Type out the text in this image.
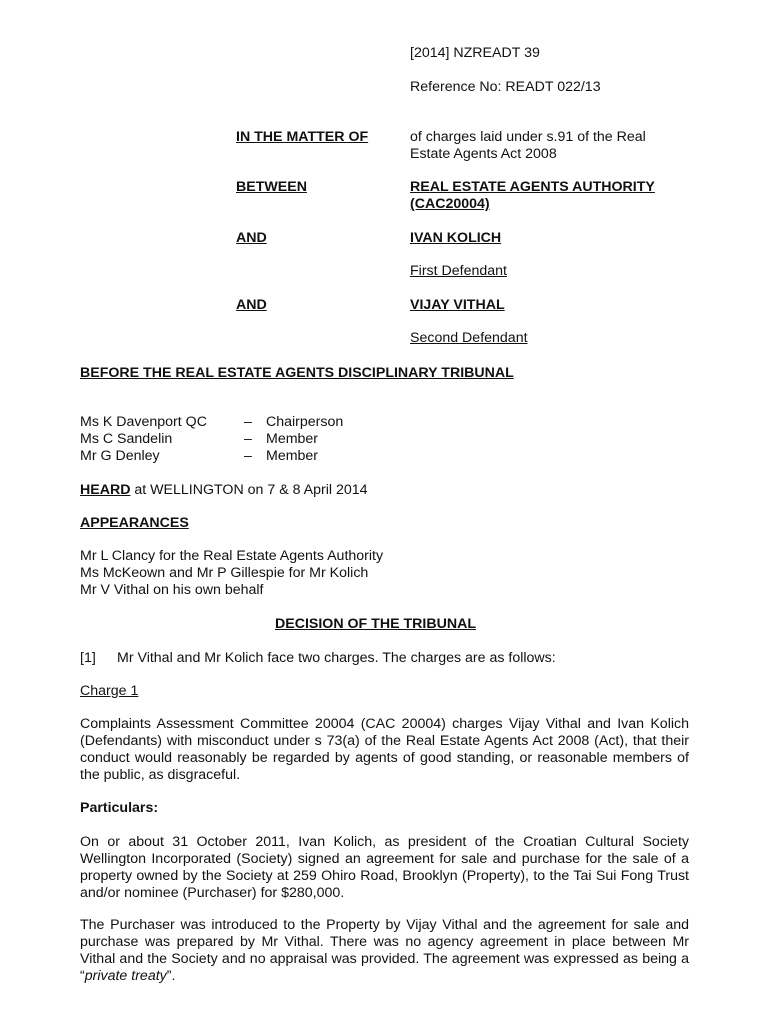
[2014] NZREADT 39
Reference No: READT 022/13
IN THE MATTER OF	of charges laid under s.91 of the Real
Estate Agents Act 2008
BETWEEN	REAL ESTATE AGENTS AUTHORITY
(CAC20004)
AND	IVAN KOLICH
First Defendant
AND	VIJAY VITHAL
Second Defendant
BEFORE THE REAL ESTATE AGENTS DISCIPLINARY TRIBUNAL
Ms K Davenport QC	– Chairperson
Ms C Sandelin	– Member
Mr G Denley	– Member
HEARD at WELLINGTON on 7 & 8 April 2014
APPEARANCES
Mr L Clancy for the Real Estate Agents Authority
Ms McKeown and Mr P Gillespie for Mr Kolich
Mr V Vithal on his own behalf
DECISION OF THE TRIBUNAL
[1] Mr Vithal and Mr Kolich face two charges. The charges are as follows:
Charge 1

Complaints Assessment Committee 20004 (CAC 20004) charges Vijay Vithal and Ivan Kolich (Defendants) with misconduct under s 73(a) of the Real Estate Agents Act 2008 (Act), that their conduct would reasonably be regarded by agents of good standing, or reasonable members of the public, as disgraceful.

Particulars:

On or about 31 October 2011, Ivan Kolich, as president of the Croatian Cultural Society Wellington Incorporated (Society) signed an agreement for sale and purchase for the sale of a property owned by the Society at 259 Ohiro Road, Brooklyn (Property), to the Tai Sui Fong Trust and/or nominee (Purchaser) for $280,000.

The Purchaser was introduced to the Property by Vijay Vithal and the agreement for sale and purchase was prepared by Mr Vithal. There was no agency agreement in place between Mr Vithal and the Society and no appraisal was provided. The agreement was expressed as being a “private treaty”.
